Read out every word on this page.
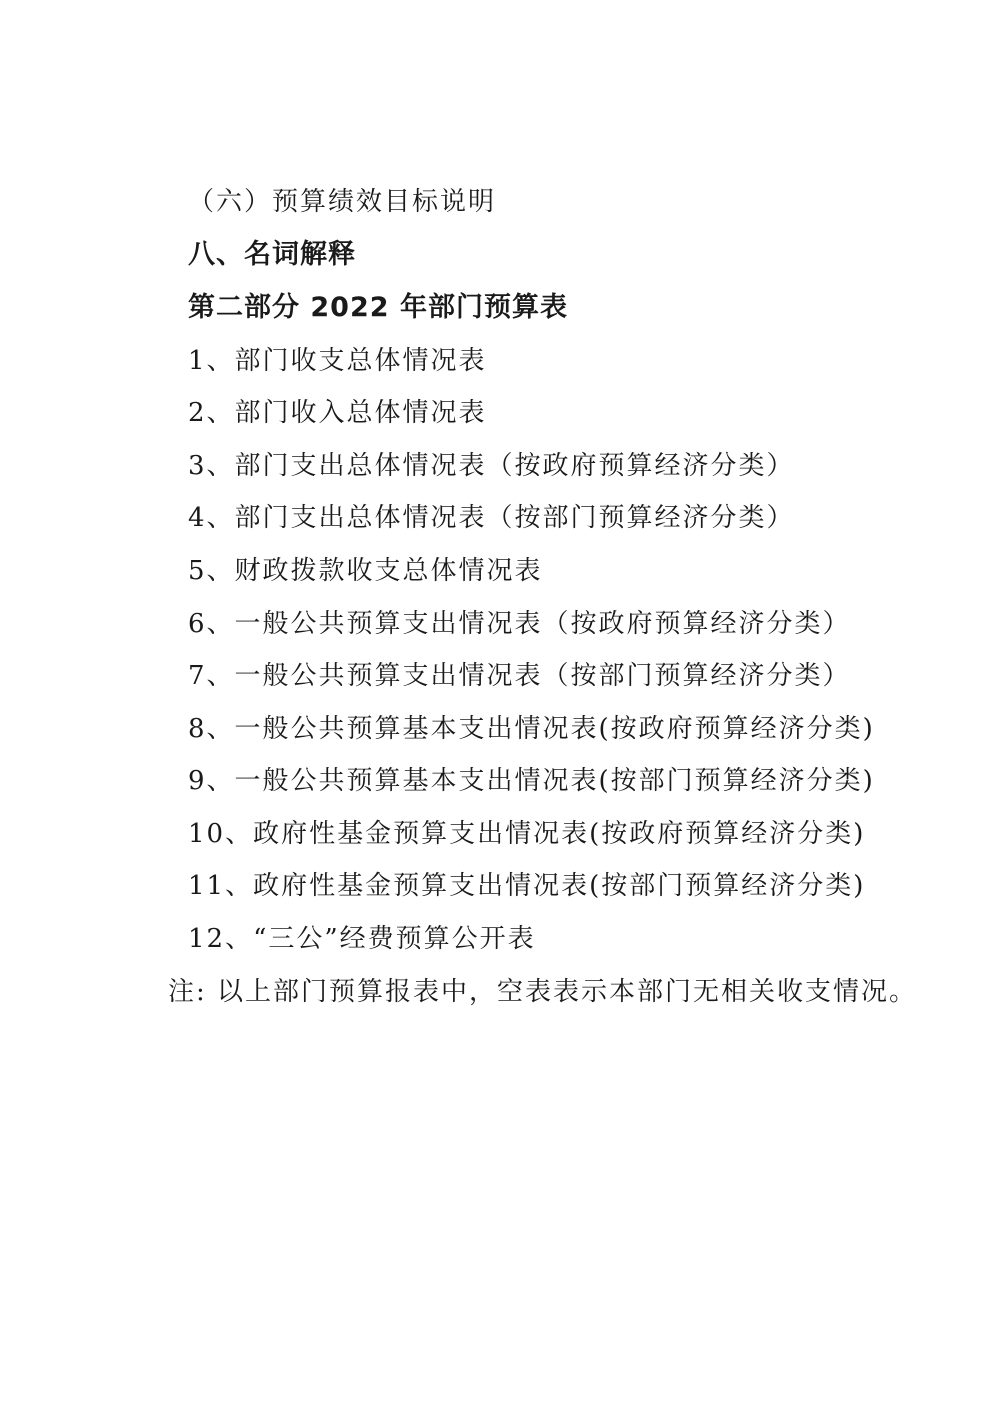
（六）预算绩效目标说明
八、名词解释
第二部分 2022 年部门预算表
1、部门收支总体情况表
2、部门收入总体情况表
3、部门支出总体情况表（按政府预算经济分类）
4、部门支出总体情况表（按部门预算经济分类）
5、财政拨款收支总体情况表
6、一般公共预算支出情况表（按政府预算经济分类）
7、一般公共预算支出情况表（按部门预算经济分类）
8、一般公共预算基本支出情况表(按政府预算经济分类)
9、一般公共预算基本支出情况表(按部门预算经济分类)
10、政府性基金预算支出情况表(按政府预算经济分类)
11、政府性基金预算支出情况表(按部门预算经济分类)
12、“三公”经费预算公开表
注: 以上部门预算报表中，空表表示本部门无相关收支情况。
